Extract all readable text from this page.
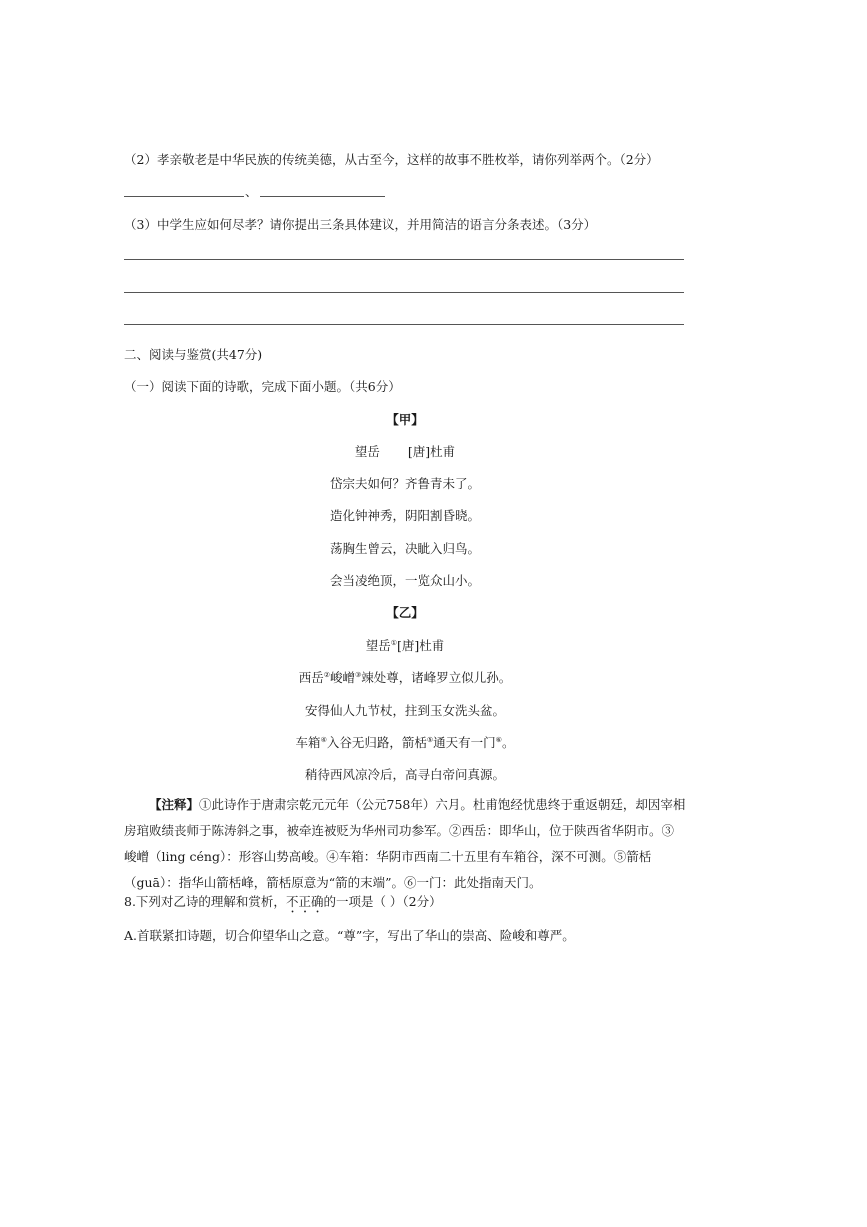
（2）孝亲敬老是中华民族的传统美德，从古至今，这样的故事不胜枚举，请你列举两个。（2分）
、
（3）中学生应如何尽孝？请你提出三条具体建议，并用简洁的语言分条表述。（3分）
二、阅读与鉴赏(共47分)
（一）阅读下面的诗歌，完成下面小题。（共6分）
【甲】
望岳 [唐]杜甫
岱宗夫如何？齐鲁青未了。
造化钟神秀，阴阳割昏晓。
荡胸生曾云，决眦入归鸟。
会当凌绝顶，一览众山小。
【乙】
望岳①[唐]杜甫
西岳②峻嶒③竦处尊，诸峰罗立似儿孙。
安得仙人九节杖，拄到玉女洗头盆。
车箱④入谷无归路，箭栝⑤通天有一门⑥。
稍待西风凉冷后，高寻白帝问真源。
【注释】①此诗作于唐肃宗乾元元年（公元758年）六月。杜甫饱经忧患终于重返朝廷，却因宰相房琯败绩丧师于陈涛斜之事，被牵连被贬为华州司功参军。②西岳：即华山，位于陕西省华阴市。③峻嶒（ling céng）：形容山势高峻。④车箱：华阴市西南二十五里有车箱谷，深不可测。⑤箭栝（guā）：指华山箭栝峰，箭栝原意为“箭的末端”。⑥一门：此处指南天门。
8.下列对乙诗的理解和赏析，不正确的一项是（ ）（2分）
A.首联紧扣诗题，切合仰望华山之意。“尊”字，写出了华山的崇高、险峻和尊严。
